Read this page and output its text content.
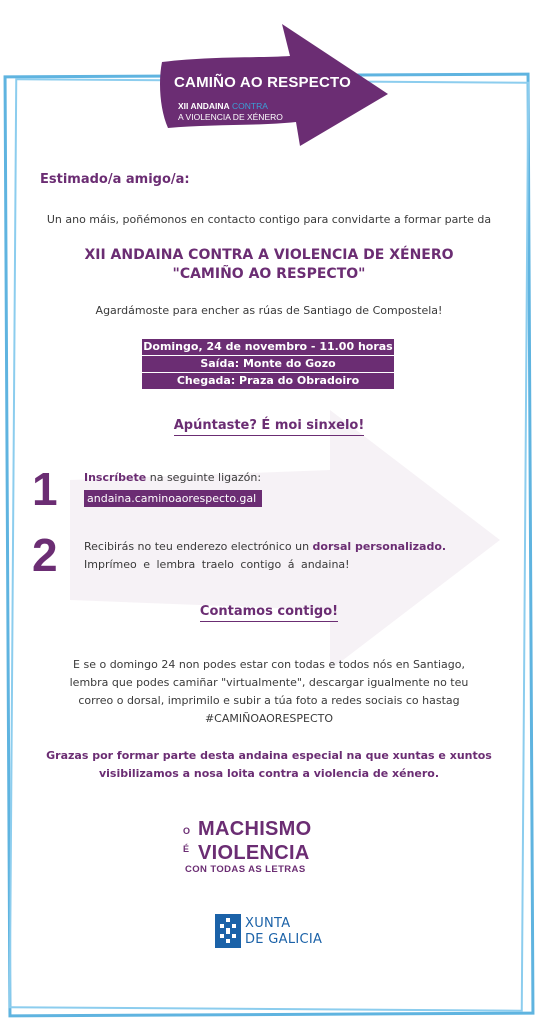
CAMIÑO AO RESPECTO
XII ANDAINA CONTRA
A VIOLENCIA DE XÉNERO
Estimado/a amigo/a:
Un ano máis, poñémonos en contacto contigo para convidarte a formar parte da
XII ANDAINA CONTRA A VIOLENCIA DE XÉNERO
"CAMIÑO AO RESPECTO"
Agardámoste para encher as rúas de Santiago de Compostela!
Domingo, 24 de novembro - 11.00 horas
Saída: Monte do Gozo
Chegada: Praza do Obradoiro
Apúntaste? É moi sinxelo!
1	Inscríbete na seguinte ligazón:
andaina.caminoaorespecto.gal
2	Recibirás no teu enderezo electrónico un dorsal personalizado.
Imprímeo e lembra traelo contigo á andaina!
Contamos contigo!
E se o domingo 24 non podes estar con todas e todos nós en Santiago, lembra que podes camiñar "virtualmente", descargar igualmente no teu correo o dorsal, imprimilo e subir a túa foto a redes sociais co hastag #CAMIÑOAORESPECTO
Grazas por formar parte desta andaina especial na que xuntas e xuntos visibilizamos a nosa loita contra a violencia de xénero.
O MACHISMO
É VIOLENCIA
CON TODAS AS LETRAS
XUNTA
DE GALICIA
